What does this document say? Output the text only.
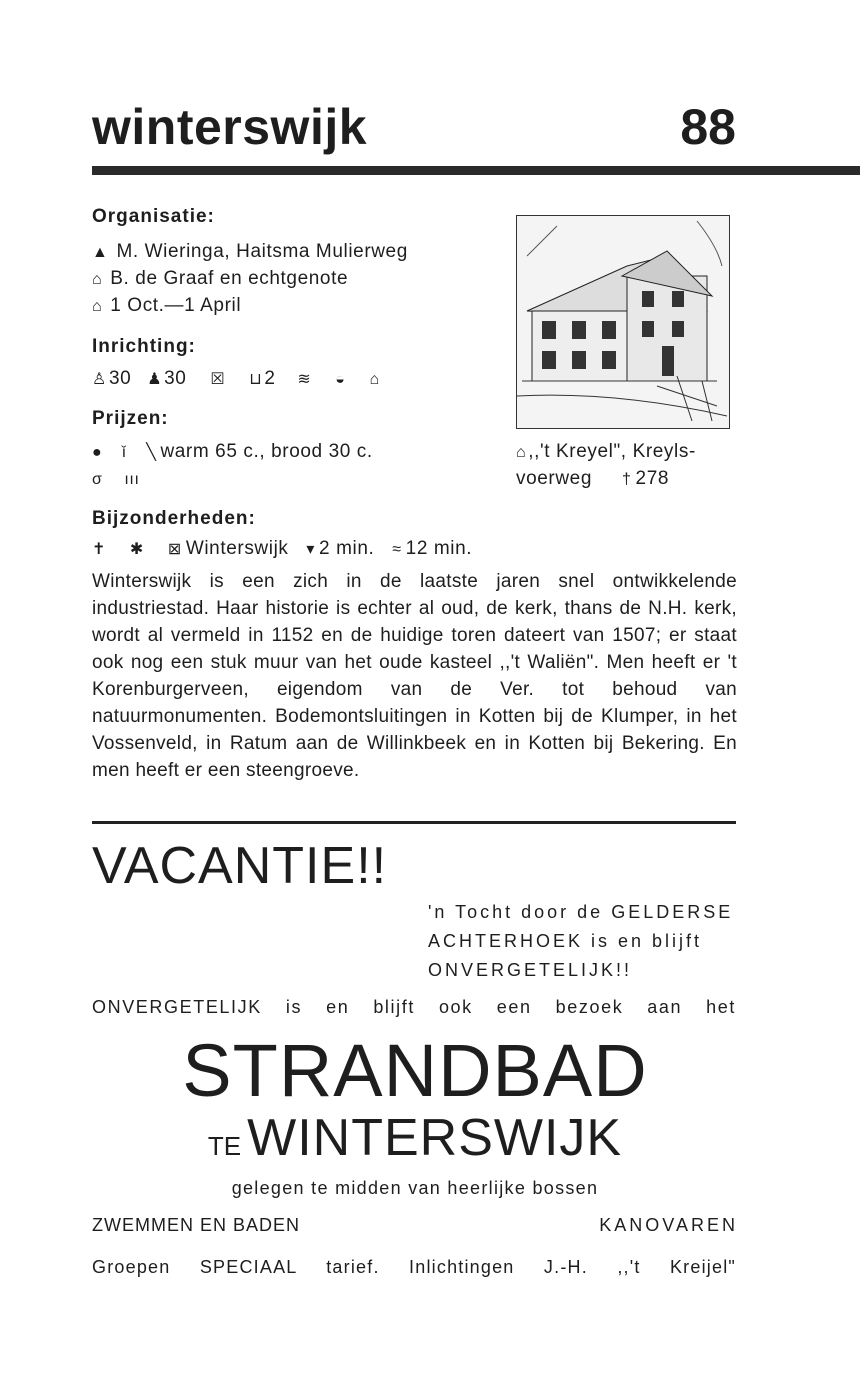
winterswijk	88
Organisatie:
▲ M. Wieringa, Haitsma Mulierweg
⌂ B. de Graaf en echtgenote
⌂ 1 Oct.—1 April
Inrichting:
♙ 30 ♟ 30 ☒ ⊔ 2 ≋ ◒ ⌂
Prijzen:
● ǐ ╲ warm 65 c., brood 30 c.
σ ııı
⌂ ,,'t Kreyel", Kreyls-
voerweg † 278
Bijzonderheden:
✝ ✱ ⊠ Winterswijk ▾ 2 min. ≈ 12 min.
Winterswijk is een zich in de laatste jaren snel ontwikkelende industriestad. Haar historie is echter al oud, de kerk, thans de N.H. kerk, wordt al vermeld in 1152 en de huidige toren dateert van 1507; er staat ook nog een stuk muur van het oude kasteel ,,'t Waliën". Men heeft er 't Korenburgerveen, eigendom van de Ver. tot behoud van natuurmonumenten. Bodemontsluitingen in Kotten bij de Klumper, in het Vossenveld, in Ratum aan de Willinkbeek en in Kotten bij Bekering. En men heeft er een steengroeve.
VACANTIE!!
'n Tocht door de GELDERSE
ACHTERHOEK is en blijft
ONVERGETELIJK!!
ONVERGETELIJK is en blijft ook een bezoek aan het
STRANDBAD
TE WINTERSWIJK
gelegen te midden van heerlijke bossen
ZWEMMEN EN BADEN	KANOVAREN
Groepen SPECIAAL tarief. Inlichtingen J.-H. ,,'t Kreijel"
